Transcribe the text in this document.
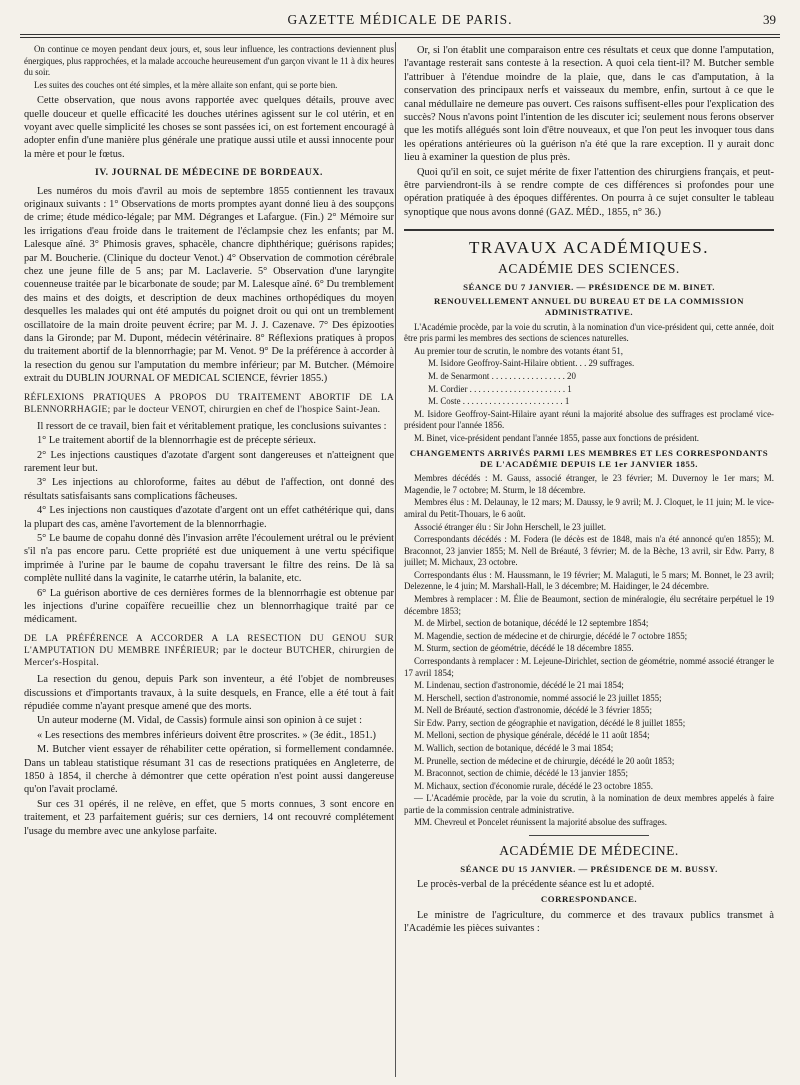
GAZETTE MÉDICALE DE PARIS.	39

On continue ce moyen pendant deux jours, et, sous leur influence, les contractions deviennent plus énergiques, plus rapprochées, et la malade accouche heureusement d'un garçon vivant le 11 à dix heures du soir.

Les suites des couches ont été simples, et la mère allaite son enfant, qui se porte bien.

Cette observation, que nous avons rapportée avec quelques détails, prouve avec quelle douceur et quelle efficacité les douches utérines agissent sur le col utérin, et en voyant avec quelle simplicité les choses se sont passées ici, on est fortement encouragé à adopter enfin d'une manière plus générale une pratique aussi utile et aussi innocente pour la mère et pour le fœtus.

IV. JOURNAL DE MÉDECINE DE BORDEAUX.

Les numéros du mois d'avril au mois de septembre 1855 contiennent les travaux originaux suivants : 1° Observations de morts promptes ayant donné lieu à des soupçons de crime; étude médico-légale; par MM. Dégranges et Lafargue. (Fin.) 2° Mémoire sur les irrigations d'eau froide dans le traitement de l'éclampsie chez les enfants; par M. Lalesque aîné. 3° Phimosis graves, sphacèle, chancre diphthérique; guérisons rapides; par M. Boucherie. (Clinique du docteur Venot.) 4° Observation de commotion cérébrale chez une jeune fille de 5 ans; par M. Laclaverie. 5° Observation d'une laryngite couenneuse traitée par le bicarbonate de soude; par M. Lalesque aîné. 6° Du tremblement des mains et des doigts, et description de deux machines orthopédiques du moyen desquelles les malades qui ont été amputés du poignet droit ou qui ont un tremblement oscillatoire de la main droite peuvent écrire; par M. J. J. Cazenave. 7° Des épizooties dans la Gironde; par M. Dupont, médecin vétérinaire. 8° Réflexions pratiques à propos du traitement abortif de la blennorrhagie; par M. Venot. 9° De la préférence à accorder à la resection du genou sur l'amputation du membre inférieur; par M. Butcher. (Mémoire extrait du DUBLIN JOURNAL OF MEDICAL SCIENCE, février 1855.)

RÉFLEXIONS PRATIQUES A PROPOS DU TRAITEMENT ABORTIF DE LA BLENNORRHAGIE; par le docteur VENOT, chirurgien en chef de l'hospice Saint-Jean.

Il ressort de ce travail, bien fait et véritablement pratique, les conclusions suivantes :

1° Le traitement abortif de la blennorrhagie est de précepte sérieux.

2° Les injections caustiques d'azotate d'argent sont dangereuses et n'atteignent que rarement leur but.

3° Les injections au chloroforme, faites au début de l'affection, ont donné des résultats satisfaisants sans complications fâcheuses.

4° Les injections non caustiques d'azotate d'argent ont un effet cathétérique qui, dans la plupart des cas, amène l'avortement de la blennorrhagie.

5° Le baume de copahu donné dès l'invasion arrête l'écoulement urétral ou le prévient s'il n'a pas encore paru. Cette propriété est due uniquement à une vertu spécifique imprimée à l'urine par le baume de copahu traversant le filtre des reins. De là sa complète nullité dans la vaginite, le catarrhe utérin, la balanite, etc.

6° La guérison abortive de ces dernières formes de la blennorrhagie est obtenue par les injections d'urine copaïfère recueillie chez un blennorrhagique traité par ce médicament.

DE LA PRÉFÉRENCE A ACCORDER A LA RESECTION DU GENOU SUR L'AMPUTATION DU MEMBRE INFÉRIEUR; par le docteur BUTCHER, chirurgien de Mercer's-Hospital.

La resection du genou, depuis Park son inventeur, a été l'objet de nombreuses discussions et d'importants travaux, à la suite desquels, en France, elle a été tout à fait répudiée comme n'ayant presque amené que des morts.

Un auteur moderne (M. Vidal, de Cassis) formule ainsi son opinion à ce sujet :

« Les resections des membres inférieurs doivent être proscrites. » (3e édit., 1851.)

M. Butcher vient essayer de réhabiliter cette opération, si formellement condamnée. Dans un tableau statistique résumant 31 cas de resections pratiquées en Angleterre, de 1850 à 1854, il cherche à démontrer que cette opération n'est point aussi dangereuse qu'on l'avait proclamé.

Sur ces 31 opérés, il ne relève, en effet, que 5 morts connues, 3 sont encore en traitement, et 23 parfaitement guéris; sur ces derniers, 14 ont recouvré complétement l'usage du membre avec une ankylose parfaite.

Or, si l'on établit une comparaison entre ces résultats et ceux que donne l'amputation, l'avantage resterait sans conteste à la resection. A quoi cela tient-il? M. Butcher semble l'attribuer à l'étendue moindre de la plaie, que, dans le cas d'amputation, à la conservation des principaux nerfs et vaisseaux du membre, enfin, surtout à ce que le canal médullaire ne demeure pas ouvert. Ces raisons suffisent-elles pour l'explication des succès? Nous n'avons point l'intention de les discuter ici; seulement nous ferons observer que les motifs allégués sont loin d'être nouveaux, et que l'on peut les invoquer tous dans les opérations antérieures où la guérison n'a été que la rare exception. Il y aurait donc lieu à examiner la question de plus près.

Quoi qu'il en soit, ce sujet mérite de fixer l'attention des chirurgiens français, et peut-être parviendront-ils à se rendre compte de ces différences si profondes pour une opération pratiquée à des époques différentes. On pourra à ce sujet consulter le tableau synoptique que nous avons donné (GAZ. MÉD., 1855, n° 36.)

TRAVAUX ACADÉMIQUES.

ACADÉMIE DES SCIENCES.

SÉANCE DU 7 JANVIER. — PRÉSIDENCE DE M. BINET.

RENOUVELLEMENT ANNUEL DU BUREAU ET DE LA COMMISSION ADMINISTRATIVE.

L'Académie procède, par la voie du scrutin, à la nomination d'un vice-président qui, cette année, doit être pris parmi les membres des sections de sciences naturelles.

Au premier tour de scrutin, le nombre des votants étant 51,

M. Isidore Geoffroy-Saint-Hilaire obtient. . . 29 suffrages.

M. de Senarmont . . . . . . . . . . . . . . . . . 20

M. Cordier . . . . . . . . . . . . . . . . . . . . . . 1

M. Coste . . . . . . . . . . . . . . . . . . . . . . . 1

M. Isidore Geoffroy-Saint-Hilaire ayant réuni la majorité absolue des suffrages est proclamé vice-président pour l'année 1856.

M. Binet, vice-président pendant l'année 1855, passe aux fonctions de président.

CHANGEMENTS ARRIVÉS PARMI LES MEMBRES ET LES CORRESPONDANTS DE L'ACADÉMIE DEPUIS LE 1er JANVIER 1855.

Membres décédés : M. Gauss, associé étranger, le 23 février; M. Duvernoy le 1er mars; M. Magendie, le 7 octobre; M. Sturm, le 18 décembre.

Membres élus : M. Delaunay, le 12 mars; M. Daussy, le 9 avril; M. J. Cloquet, le 11 juin; M. le vice-amiral du Petit-Thouars, le 6 août.

Associé étranger élu : Sir John Herschell, le 23 juillet.

Correspondants décédés : M. Fodera (le décès est de 1848, mais n'a été annoncé qu'en 1855); M. Braconnot, 23 janvier 1855; M. Nell de Bréauté, 3 février; M. de la Bèche, 13 avril, sir Edw. Parry, 8 juillet; M. Michaux, 23 octobre.

Correspondants élus : M. Haussmann, le 19 février; M. Malaguti, le 5 mars; M. Bonnet, le 23 avril; Delezenne, le 4 juin; M. Marshall-Hall, le 3 décembre; M. Haidinger, le 24 décembre.

Membres à remplacer : M. Élie de Beaumont, section de minéralogie, élu secrétaire perpétuel le 19 décembre 1853;

M. de Mirbel, section de botanique, décédé le 12 septembre 1854;

M. Magendie, section de médecine et de chirurgie, décédé le 7 octobre 1855;

M. Sturm, section de géométrie, décédé le 18 décembre 1855.

Correspondants à remplacer : M. Lejeune-Dirichlet, section de géométrie, nommé associé étranger le 17 avril 1854;

M. Lindenau, section d'astronomie, décédé le 21 mai 1854;

M. Herschell, section d'astronomie, nommé associé le 23 juillet 1855;

M. Nell de Bréauté, section d'astronomie, décédé le 3 février 1855;

Sir Edw. Parry, section de géographie et navigation, décédé le 8 juillet 1855;

M. Melloni, section de physique générale, décédé le 11 août 1854;

M. Wallich, section de botanique, décédé le 3 mai 1854;

M. Prunelle, section de médecine et de chirurgie, décédé le 20 août 1853;

M. Braconnot, section de chimie, décédé le 13 janvier 1855;

M. Michaux, section d'économie rurale, décédé le 23 octobre 1855.

— L'Académie procède, par la voie du scrutin, à la nomination de deux membres appelés à faire partie de la commission centrale administrative.

MM. Chevreul et Poncelet réunissent la majorité absolue des suffrages.

ACADÉMIE DE MÉDECINE.

SÉANCE DU 15 JANVIER. — PRÉSIDENCE DE M. BUSSY.

Le procès-verbal de la précédente séance est lu et adopté.

CORRESPONDANCE.

Le ministre de l'agriculture, du commerce et des travaux publics transmet à l'Académie les pièces suivantes :
